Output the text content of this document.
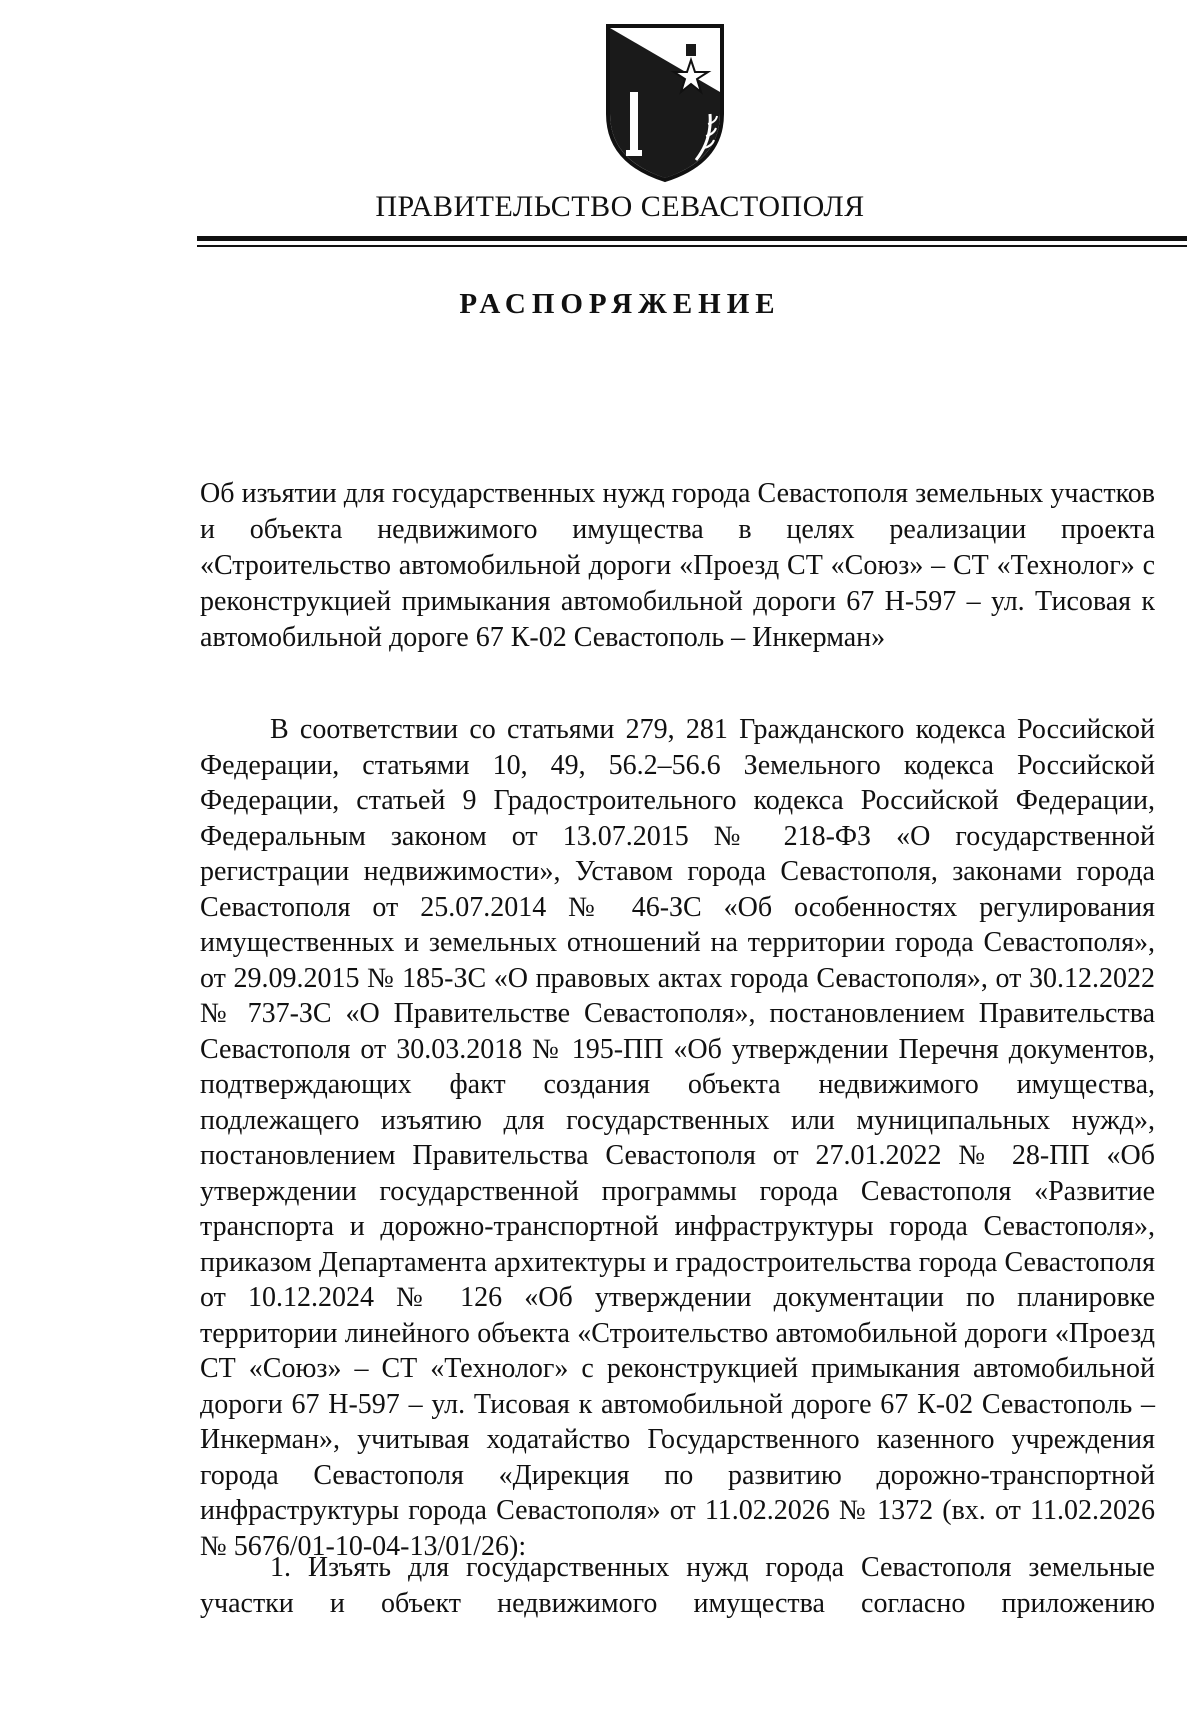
ПРАВИТЕЛЬСТВО СЕВАСТОПОЛЯ
РАСПОРЯЖЕНИЕ
Об изъятии для государственных нужд города Севастополя земельных участков и объекта недвижимого имущества в целях реализации проекта «Строительство автомобильной дороги «Проезд СТ «Союз» – СТ «Технолог» с реконструкцией примыкания автомобильной дороги 67 Н-597 – ул. Тисовая к автомобильной дороге 67 К-02 Севастополь – Инкерман»
В соответствии со статьями 279, 281 Гражданского кодекса Российской Федерации, статьями 10, 49, 56.2–56.6 Земельного кодекса Российской Федерации, статьей 9 Градостроительного кодекса Российской Федерации, Федеральным законом от 13.07.2015 № 218-ФЗ «О государственной регистрации недвижимости», Уставом города Севастополя, законами города Севастополя от 25.07.2014 № 46-ЗС «Об особенностях регулирования имущественных и земельных отношений на территории города Севастополя», от 29.09.2015 № 185-ЗС «О правовых актах города Севастополя», от 30.12.2022 № 737-ЗС «О Правительстве Севастополя», постановлением Правительства Севастополя от 30.03.2018 № 195-ПП «Об утверждении Перечня документов, подтверждающих факт создания объекта недвижимого имущества, подлежащего изъятию для государственных или муниципальных нужд», постановлением Правительства Севастополя от 27.01.2022 № 28-ПП «Об утверждении государственной программы города Севастополя «Развитие транспорта и дорожно-транспортной инфраструктуры города Севастополя», приказом Департамента архитектуры и градостроительства города Севастополя от 10.12.2024 № 126 «Об утверждении документации по планировке территории линейного объекта «Строительство автомобильной дороги «Проезд СТ «Союз» – СТ «Технолог» с реконструкцией примыкания автомобильной дороги 67 Н-597 – ул. Тисовая к автомобильной дороге 67 К-02 Севастополь – Инкерман», учитывая ходатайство Государственного казенного учреждения города Севастополя «Дирекция по развитию дорожно-транспортной инфраструктуры города Севастополя» от 11.02.2026 № 1372 (вх. от 11.02.2026 № 5676/01-10-04-13/01/26):
1. Изъять для государственных нужд города Севастополя земельные участки и объект недвижимого имущества согласно приложению
